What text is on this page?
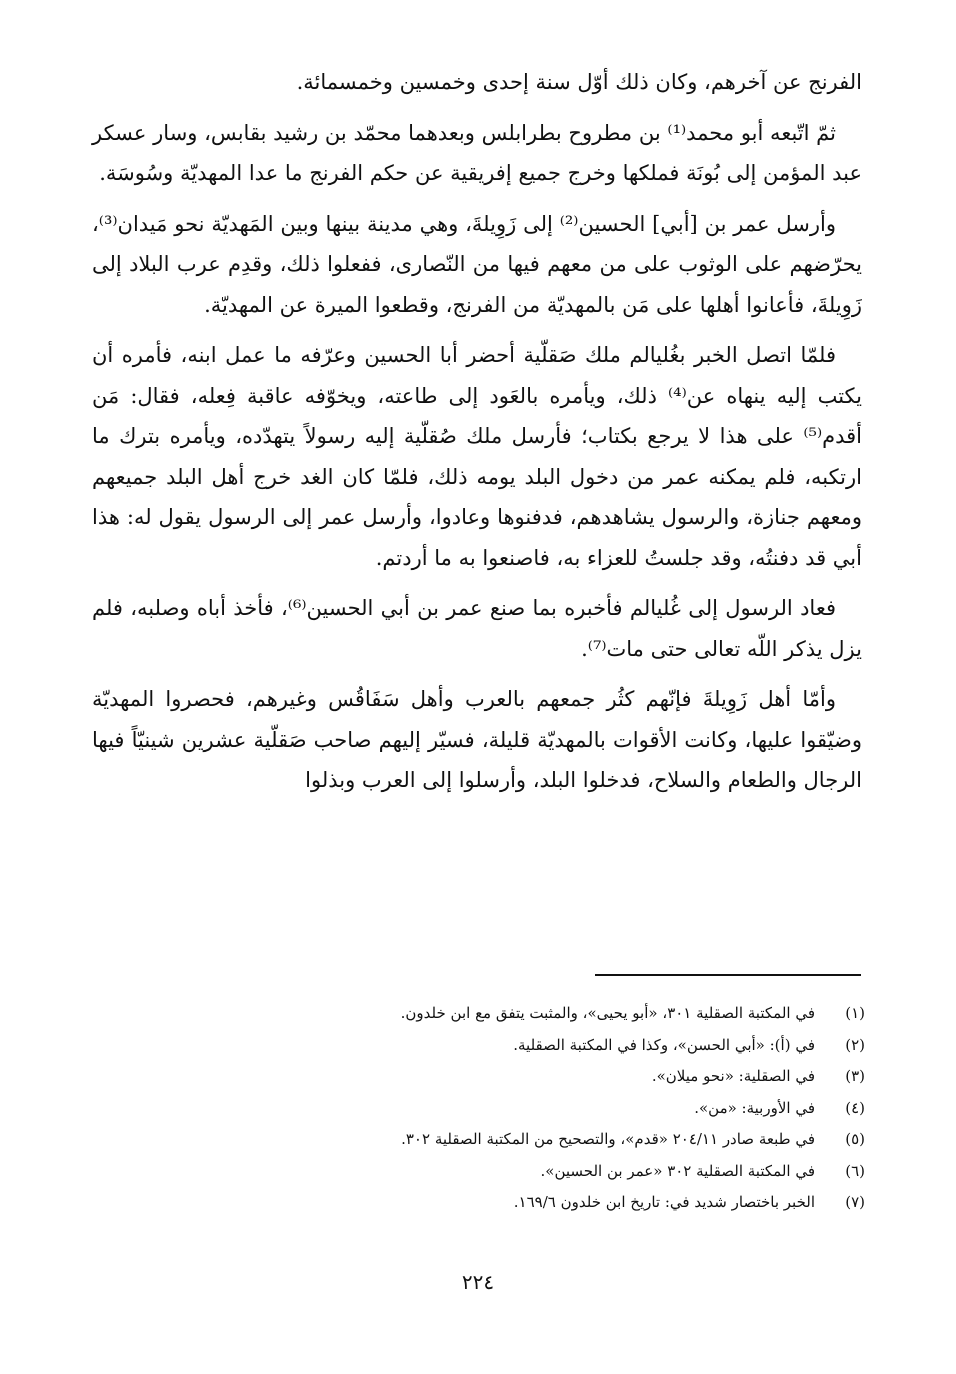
الفرنج عن آخرهم، وكان ذلك أوّل سنة إحدى وخمسين وخمسمائة.

ثمّ اتّبعه أبو محمد⁽¹⁾ بن مطروح بطرابلس وبعدهما محمّد بن رشيد بقابس، وسار عسكر عبد المؤمن إلى بُونَة فملكها وخرج جميع إفريقية عن حكم الفرنج ما عدا المهديّة وسُوسَة.

وأرسل عمر بن [أبي] الحسين⁽²⁾ إلى زَوِيلةَ، وهي مدينة بينها وبين المَهديّة نحو مَيدان⁽³⁾، يحرّضهم على الوثوب على من معهم فيها من النّصارى، ففعلوا ذلك، وقدِم عرب البلاد إلى زَوِيلةَ، فأعانوا أهلها على مَن بالمهديّة من الفرنج، وقطعوا الميرة عن المهديّة.

فلمّا اتصل الخبر بغُليالم ملك صَقلّية أحضر أبا الحسين وعرّفه ما عمل ابنه، فأمره أن يكتب إليه ينهاه عن⁽⁴⁾ ذلك، ويأمره بالعَود إلى طاعته، ويخوّفه عاقبة فِعله، فقال: مَن أقدم⁽⁵⁾ على هذا لا يرجع بكتاب؛ فأرسل ملك صُقلّية إليه رسولاً يتهدّده، ويأمره بترك ما ارتكبه، فلم يمكنه عمر من دخول البلد يومه ذلك، فلمّا كان الغد خرج أهل البلد جميعهم ومعهم جنازة، والرسول يشاهدهم، فدفنوها وعادوا، وأرسل عمر إلى الرسول يقول له: هذا أبي قد دفنتُه، وقد جلستُ للعزاء به، فاصنعوا به ما أردتم.

فعاد الرسول إلى غُليالم فأخبره بما صنع عمر بن أبي الحسين⁽⁶⁾، فأخذ أباه وصلبه، فلم يزل يذكر اللّه تعالى حتى مات⁽⁷⁾.

وأمّا أهل زَوِيلةَ فإنّهم كثُر جمعهم بالعرب وأهل سَفَاقُس وغيرهم، فحصروا المهديّة وضيّقوا عليها، وكانت الأقوات بالمهديّة قليلة، فسيّر إليهم صاحب صَقلّية عشرين شينيّاً فيها الرجال والطعام والسلاح، فدخلوا البلد، وأرسلوا إلى العرب وبذلوا

(١)
في المكتبة الصقلية ٣٠١، «أبو يحيى»، والمثبت يتفق مع ابن خلدون.
(٢)
في (أ): «أبي الحسن»، وكذا في المكتبة الصقلية.
(٣)
في الصقلية: «نحو ميلان».
(٤)
في الأوربية: «من».
(٥)
في طبعة صادر ٢٠٤/١١ «قدم»، والتصحيح من المكتبة الصقلية ٣٠٢.
(٦)
في المكتبة الصقلية ٣٠٢ «عمر بن الحسين».
(٧)
الخبر باختصار شديد في: تاريخ ابن خلدون ١٦٩/٦.
٢٢٤
